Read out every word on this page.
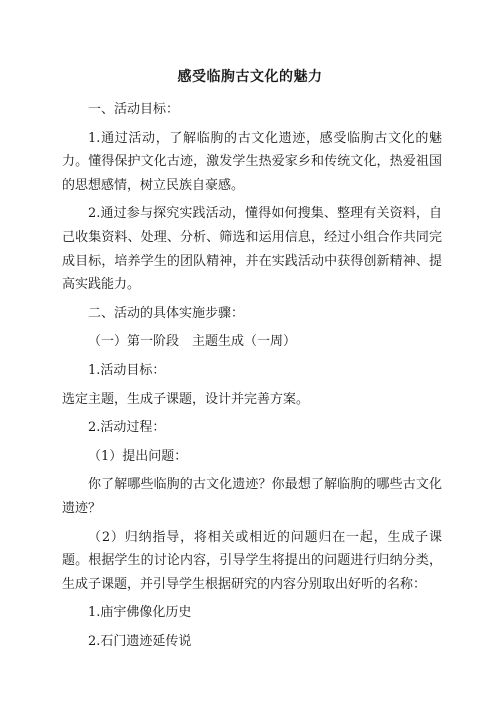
感受临朐古文化的魅力

一、活动目标：

1.通过活动，了解临朐的古文化遗迹，感受临朐古文化的魅力。懂得保护文化古迹，激发学生热爱家乡和传统文化，热爱祖国的思想感情，树立民族自豪感。

2.通过参与探究实践活动，懂得如何搜集、整理有关资料，自己收集资料、处理、分析、筛选和运用信息，经过小组合作共同完成目标，培养学生的团队精神，并在实践活动中获得创新精神、提高实践能力。

二、活动的具体实施步骤：

（一）第一阶段　主题生成（一周）

1.活动目标：

选定主题，生成子课题，设计并完善方案。

2.活动过程：

（1）提出问题：

你了解哪些临朐的古文化遗迹？你最想了解临朐的哪些古文化遗迹？

（2）归纳指导，将相关或相近的问题归在一起，生成子课题。根据学生的讨论内容，引导学生将提出的问题进行归纳分类，生成子课题，并引导学生根据研究的内容分别取出好听的名称：

1.庙宇佛像化历史

2.石门遗迹延传说
